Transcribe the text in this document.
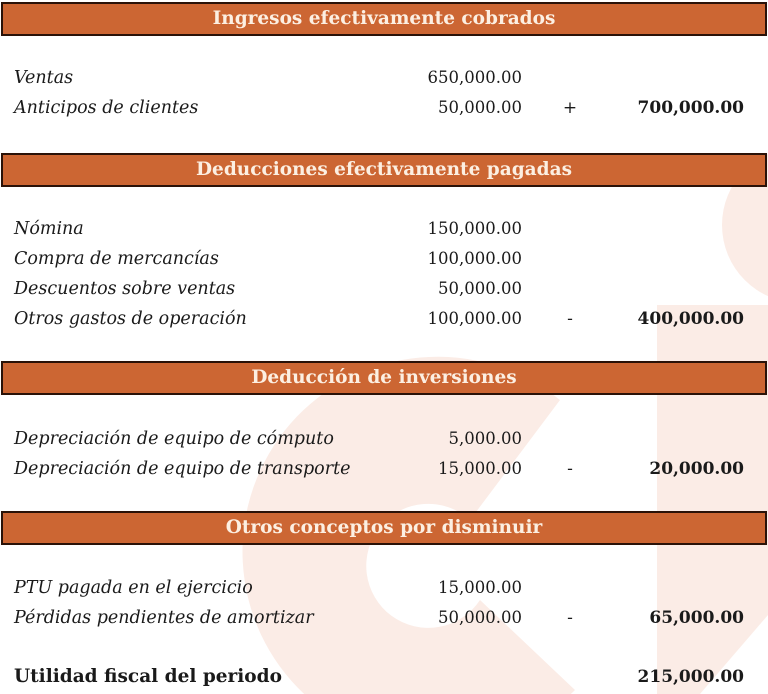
Ingresos efectivamente cobrados
Ventas	650,000.00
Anticipos de clientes	50,000.00 +	700,000.00
Deducciones efectivamente pagadas
Nómina	150,000.00
Compra de mercancías	100,000.00
Descuentos sobre ventas	50,000.00
Otros gastos de operación	100,000.00	-	400,000.00
Deducción de inversiones
Depreciación de equipo de cómputo	5,000.00
Depreciación de equipo de transporte	15,000.00	-	20,000.00
Otros conceptos por disminuir
PTU pagada en el ejercicio	15,000.00
Pérdidas pendientes de amortizar	50,000.00	-	65,000.00
Utilidad fiscal del periodo	215,000.00
